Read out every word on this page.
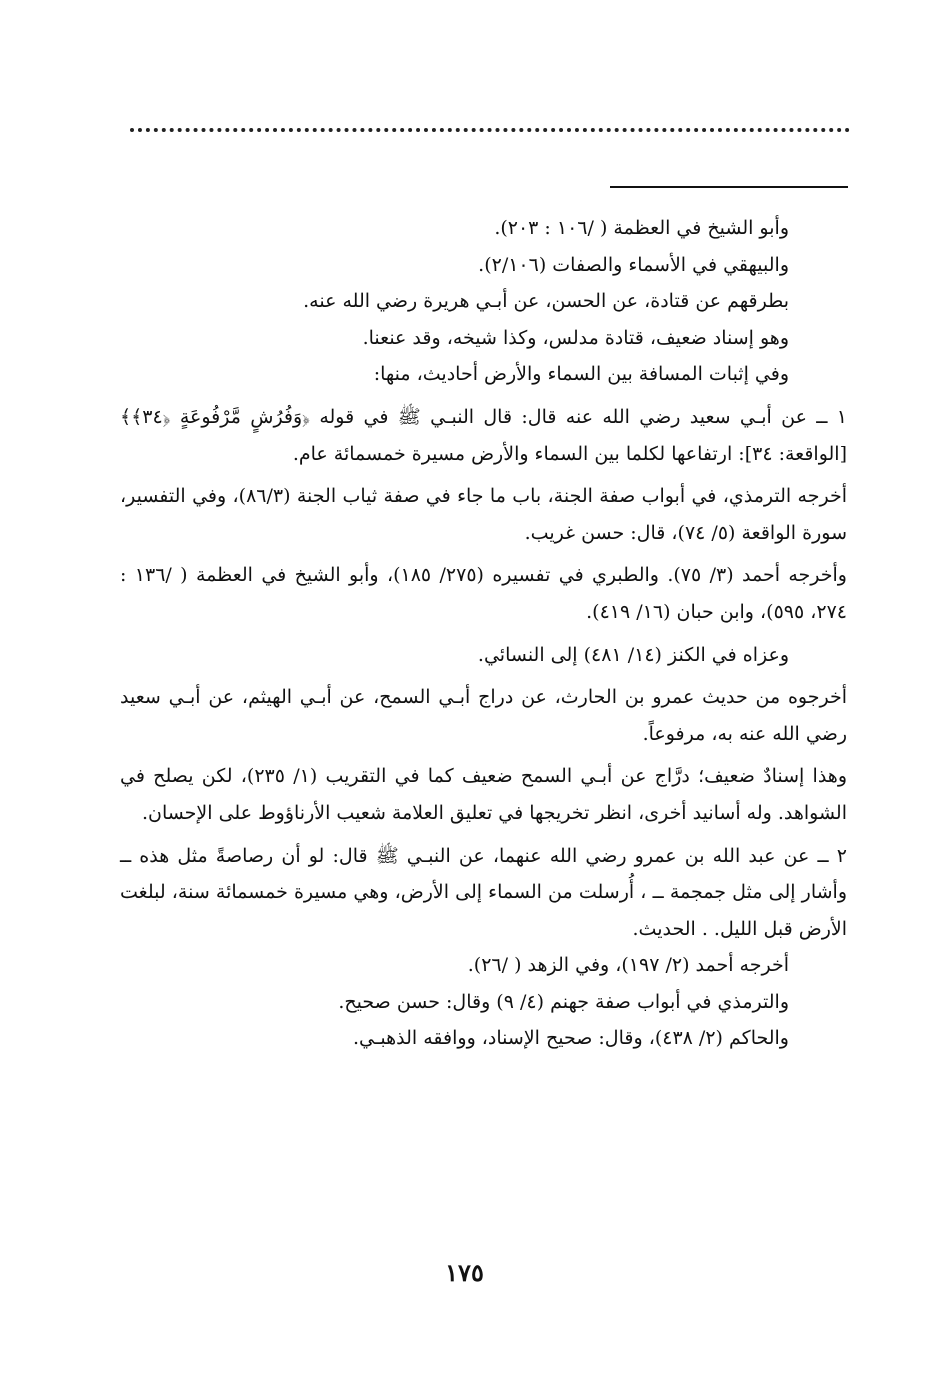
وأبو الشيخ في العظمة ( /١٠٦ : ٢٠٣).

والبيهقي في الأسماء والصفات (٢/١٠٦).

بطرقهم عن قتادة، عن الحسن، عن أبـي هريرة رضي الله عنه.

وهو إسناد ضعيف، قتادة مدلس، وكذا شيخه، وقد عنعنا.

وفي إثبات المسافة بين السماء والأرض أحاديث، منها:

١ ــ عن أبـي سعيد رضي الله عنه قال: قال النبـي ﷺ في قوله ﴿وَفُرُشٍ مَّرْفُوعَةٍ ﴿٣٤﴾﴾ [الواقعة: ٣٤]: ارتفاعها لكلما بين السماء والأرض مسيرة خمسمائة عام.

أخرجه الترمذي، في أبواب صفة الجنة، باب ما جاء في صفة ثياب الجنة (٨٦/٣)، وفي التفسير، سورة الواقعة (٥/ ٧٤)، قال: حسن غريب.

وأخرجه أحمد (٣/ ٧٥). والطبري في تفسيره (٢٧٥/ ١٨٥)، وأبو الشيخ في العظمة ( /١٣٦ : ٢٧٤، ٥٩٥)، وابن حبان (١٦/ ٤١٩).

وعزاه في الكنز (١٤/ ٤٨١) إلى النسائي.

أخرجوه من حديث عمرو بن الحارث، عن دراج أبـي السمح، عن أبـي الهيثم، عن أبـي سعيد رضي الله عنه به، مرفوعاً.

وهذا إسنادٌ ضعيف؛ درَّاج عن أبـي السمح ضعيف كما في التقريب (١/ ٢٣٥)، لكن يصلح في الشواهد. وله أسانيد أخرى، انظر تخريجها في تعليق العلامة شعيب الأرناؤوط على الإحسان.

٢ ــ عن عبد الله بن عمرو رضي الله عنهما، عن النبـي ﷺ قال: لو أن رصاصةً مثل هذه ــ وأشار إلى مثل جمجمة ــ ، أُرسلت من السماء إلى الأرض، وهي مسيرة خمسمائة سنة، لبلغت الأرض قبل الليل. . الحديث.

أخرجه أحمد (٢/ ١٩٧)، وفي الزهد ( /٢٦).

والترمذي في أبواب صفة جهنم (٤/ ٩) وقال: حسن صحيح.

والحاكم (٢/ ٤٣٨)، وقال: صحيح الإسناد، ووافقه الذهبـي.

١٧٥
